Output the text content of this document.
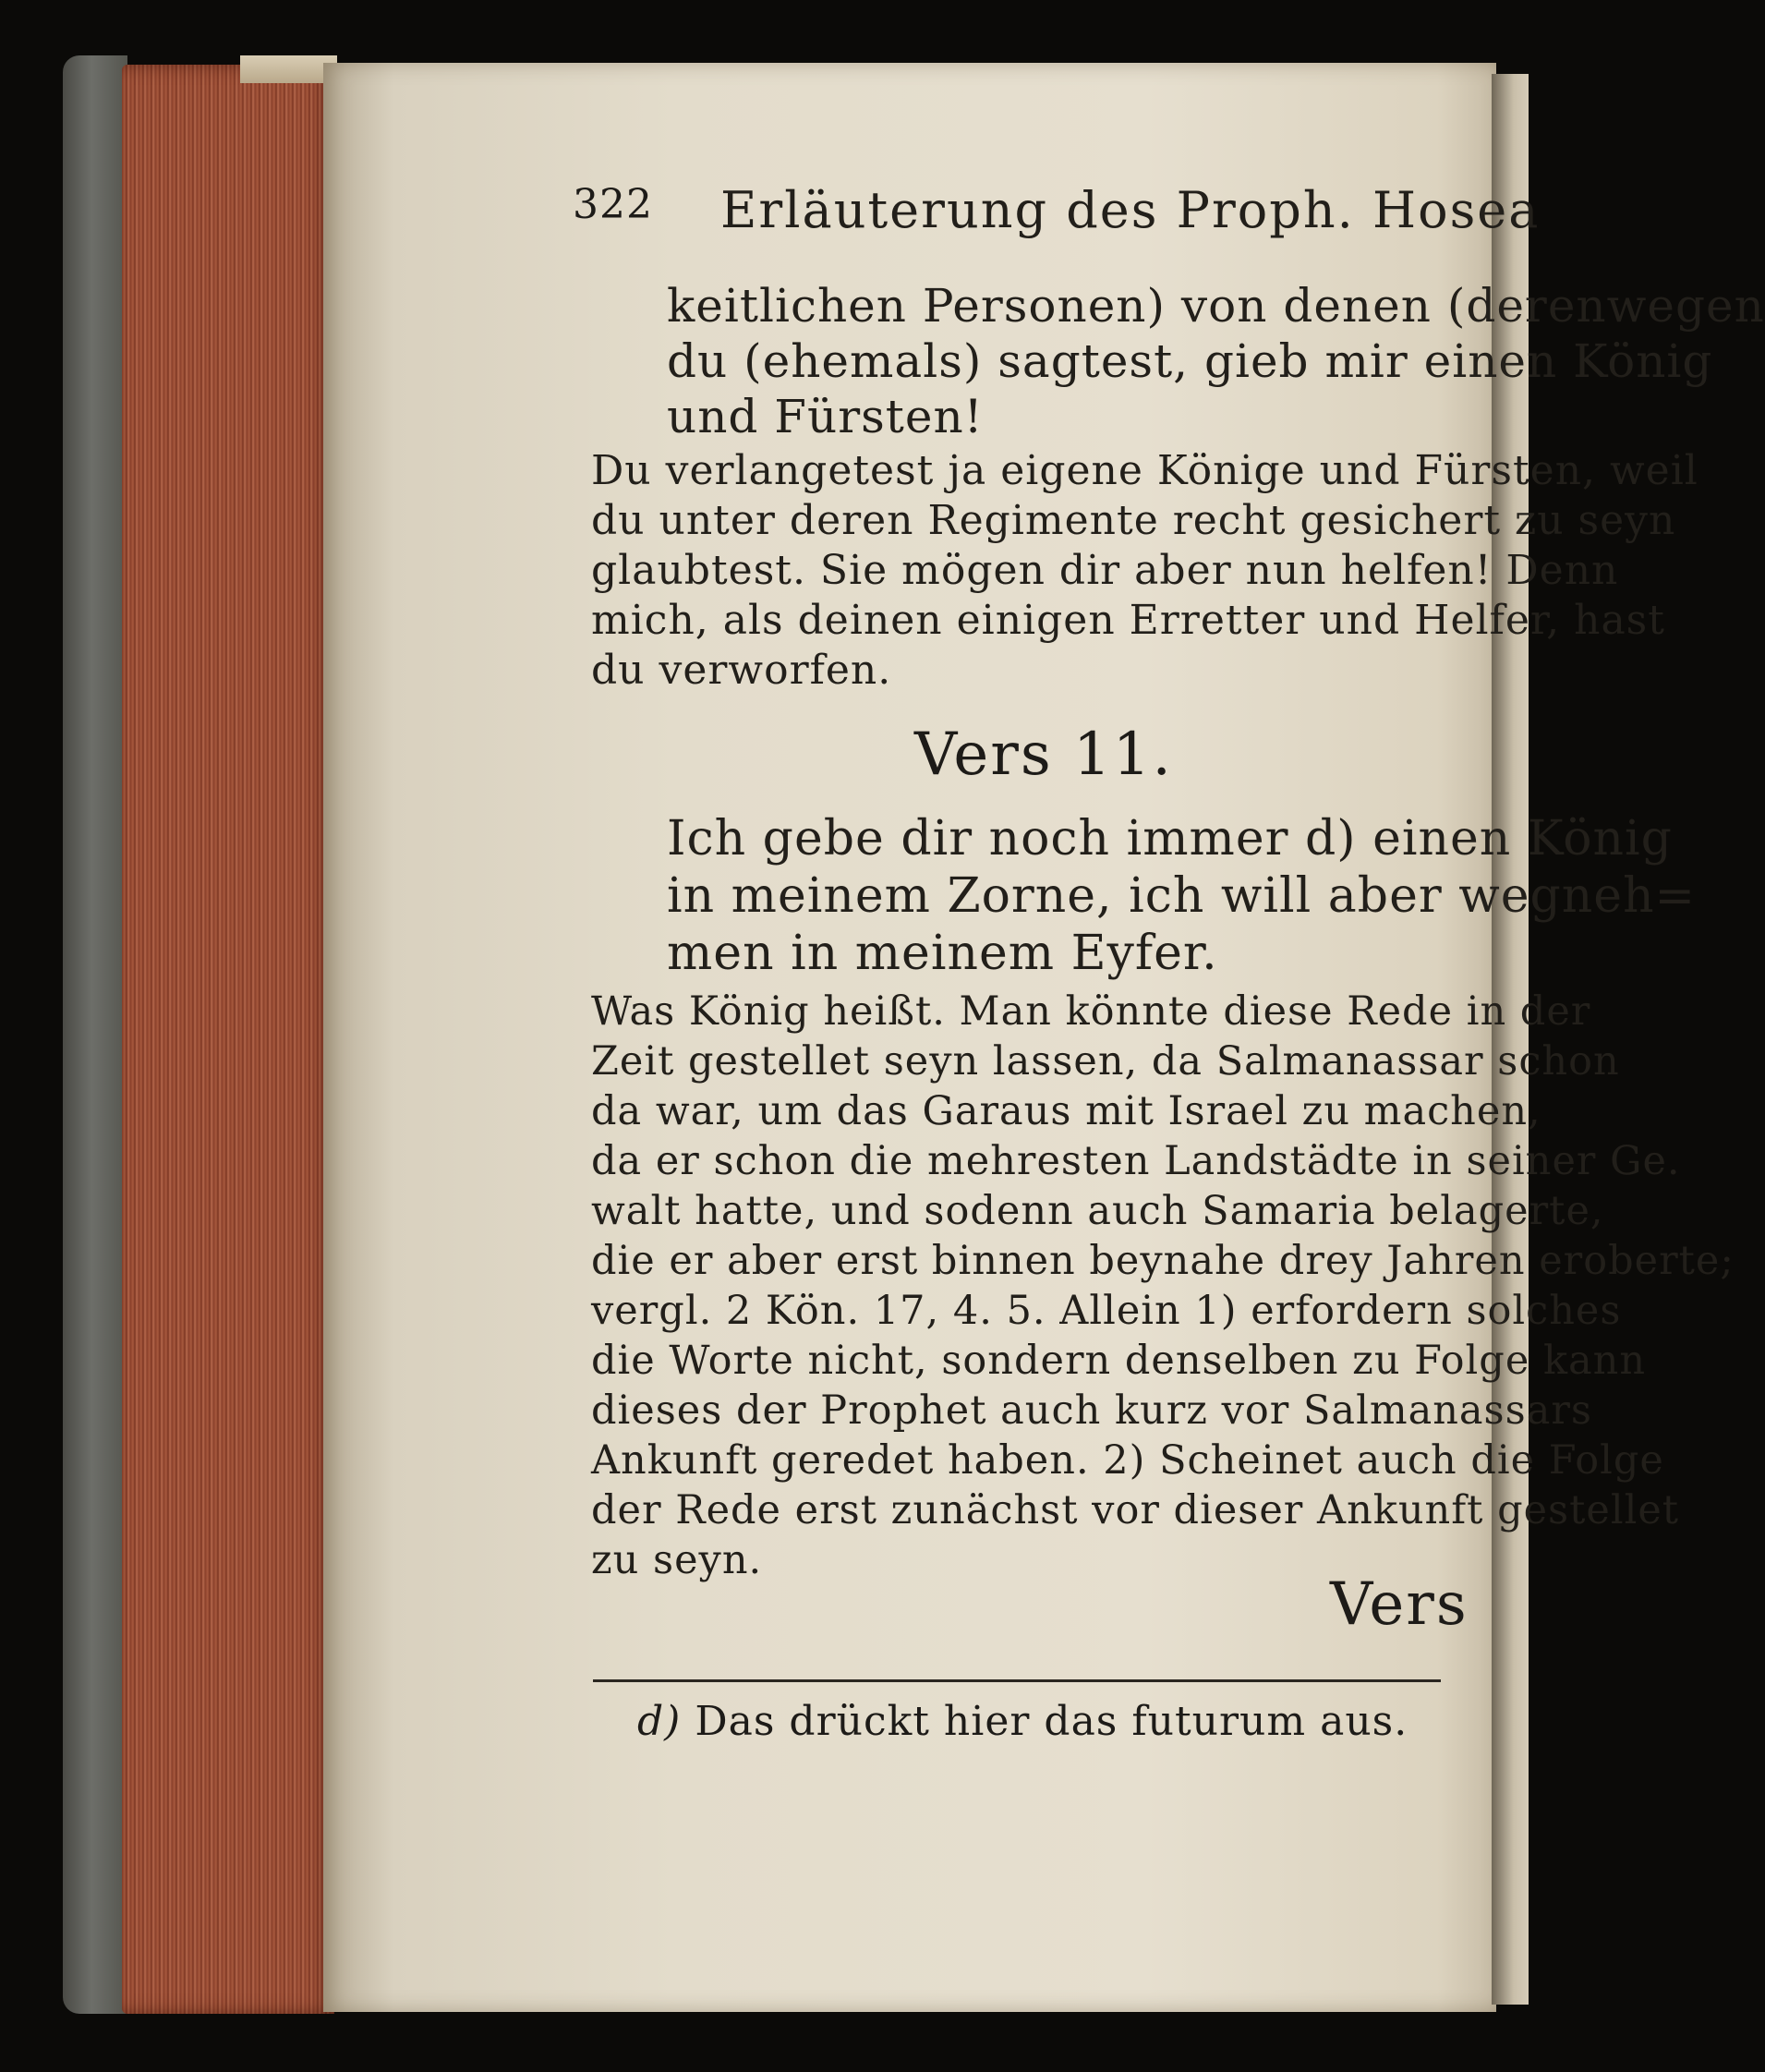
322 Erläuterung des Proph. Hosea
keitlichen Personen) von denen (derenwegen
du (ehemals) sagtest, gieb mir einen König
und Fürsten!
Du verlangetest ja eigene Könige und Fürsten, weil
du unter deren Regimente recht gesichert zu seyn
glaubtest. Sie mögen dir aber nun helfen! Denn
mich, als deinen einigen Erretter und Helfer, hast
du verworfen.
Vers 11.
Ich gebe dir noch immer d) einen König
in meinem Zorne, ich will aber wegneh=
men in meinem Eyfer.
Was König heißt. Man könnte diese Rede in der
Zeit gestellet seyn lassen, da Salmanassar schon
da war, um das Garaus mit Israel zu machen,
da er schon die mehresten Landstädte in seiner Ge.
walt hatte, und sodenn auch Samaria belagerte,
die er aber erst binnen beynahe drey Jahren eroberte;
vergl. 2 Kön. 17, 4. 5. Allein 1) erfordern solches
die Worte nicht, sondern denselben zu Folge kann
dieses der Prophet auch kurz vor Salmanassars
Ankunft geredet haben. 2) Scheinet auch die Folge
der Rede erst zunächst vor dieser Ankunft gestellet
zu seyn.
Vers
d) Das drückt hier das futurum aus.
